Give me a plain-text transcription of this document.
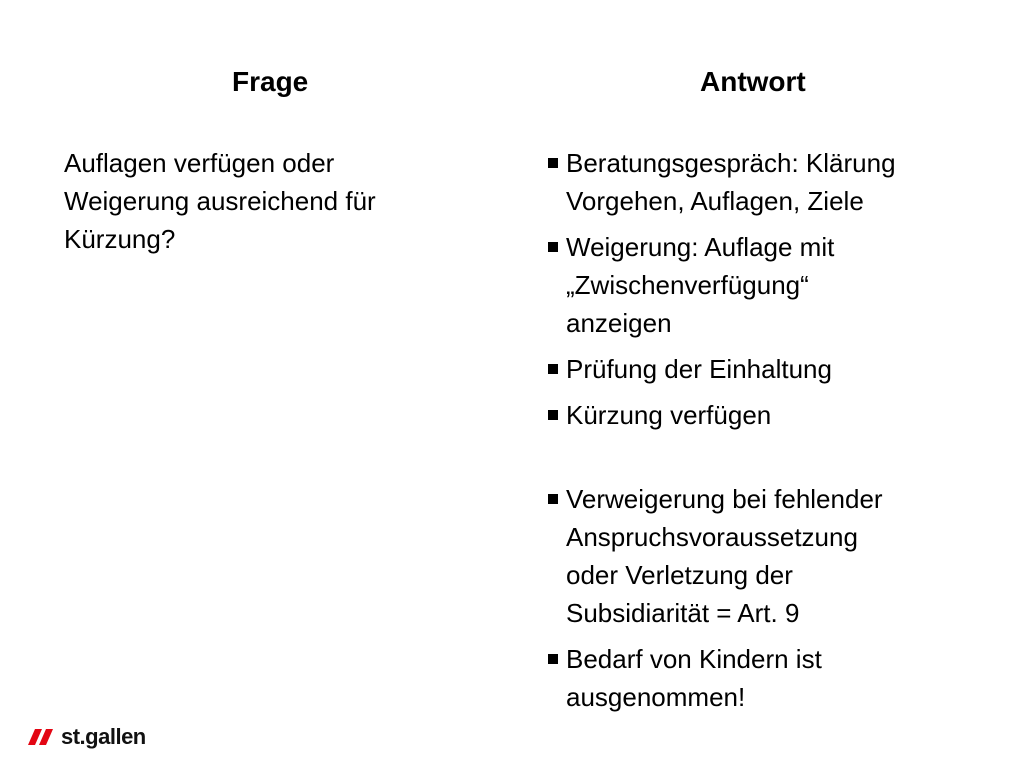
Frage	Antwort
Auflagen verfügen oder
Weigerung ausreichend für
Kürzung?
Beratungsgespräch: Klärung
Vorgehen, Auflagen, Ziele
Weigerung: Auflage mit
„Zwischenverfügung“
anzeigen
Prüfung der Einhaltung
Kürzung verfügen
Verweigerung bei fehlender
Anspruchsvoraussetzung
oder Verletzung der
Subsidiarität = Art. 9
Bedarf von Kindern ist
ausgenommen!
st.gallen
